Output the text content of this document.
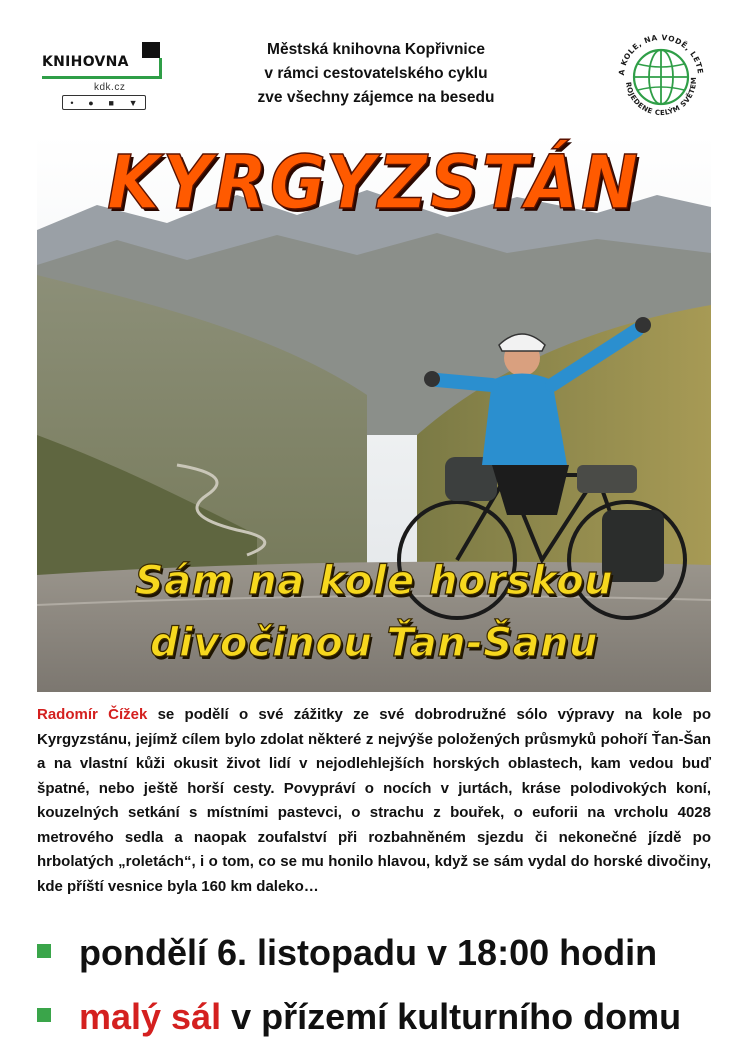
KNIHOVNA
kdk.cz
• ● ■ ▼
Městská knihovna Kopřivnice
v rámci cestovatelského cyklu
zve všechny zájemce na besedu
A KOLE, NA VODĚ, LETE
ROJEDENE CELÝM SVĚTEM
KYRGYZSTÁN
Sám na kole horskou
divočinou Ťan-Šanu
Radomír Čížek se podělí o své zážitky ze své dobrodružné sólo výpravy na kole po Kyrgyzstánu, jejímž cílem bylo zdolat některé z nejvýše položených průsmyků pohoří Ťan-Šan a na vlastní kůži okusit život lidí v nejodlehlejších horských oblastech, kam vedou buď špatné, nebo ještě horší cesty. Povypráví o nocích v jurtách, kráse polodivokých koní, kouzelných setkání s místními pastevci, o strachu z bouřek, o euforii na vrcholu 4028 metrového sedla a naopak zoufalství při rozbahněném sjezdu či nekonečné jízdě po hrbolatých „roletách“, i o tom, co se mu honilo hlavou, když se sám vydal do horské divočiny, kde příští vesnice byla 160 km daleko…
pondělí 6. listopadu v 18:00 hodin
malý sál v přízemí kulturního domu
